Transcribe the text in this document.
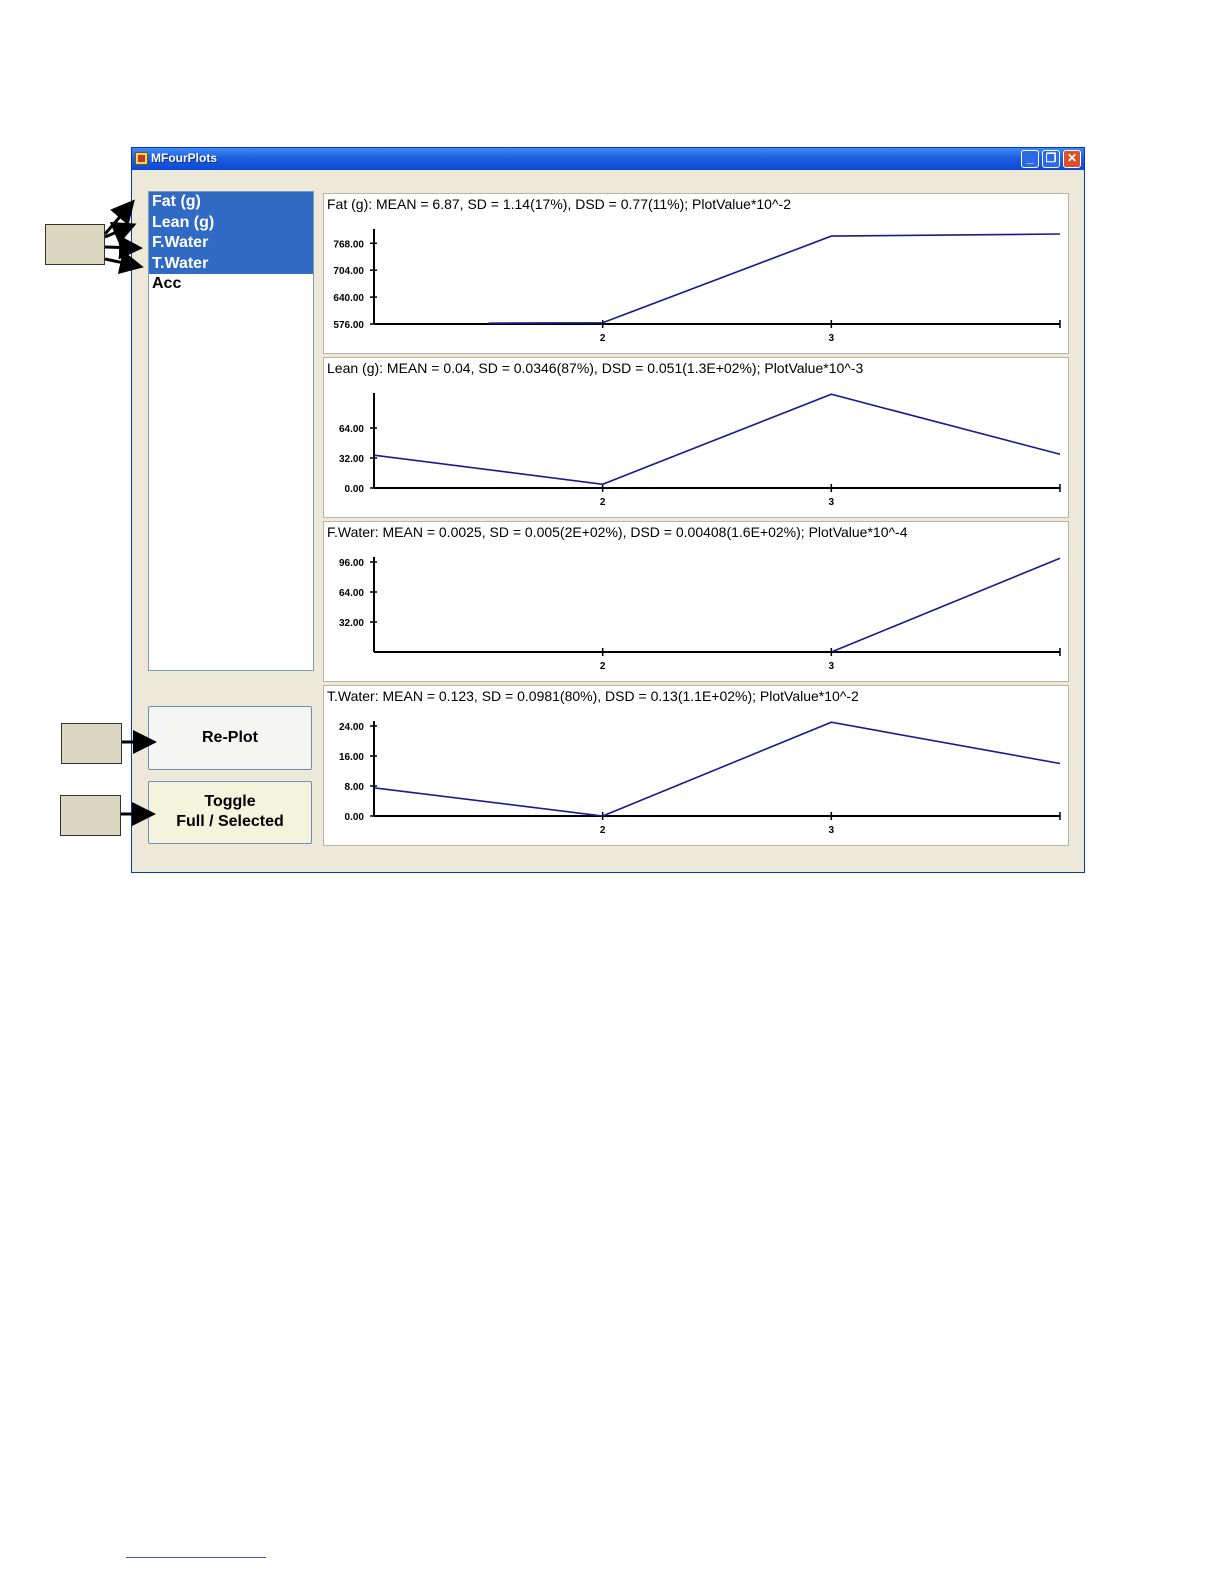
MFourPlots	_	❐ ✕
Fat (g)
Lean (g)
F.Water
T.Water
Acc
Re-Plot
Toggle
Full / Selected
Fat (g): MEAN = 6.87, SD = 1.14(17%), DSD = 0.77(11%); PlotValue*10^-2
576.00
640.00
704.00
768.00
2	3
Lean (g): MEAN = 0.04, SD = 0.0346(87%), DSD = 0.051(1.3E+02%); PlotValue*10^-3
0.00
32.00
64.00
2	3
F.Water: MEAN = 0.0025, SD = 0.005(2E+02%), DSD = 0.00408(1.6E+02%); PlotValue*10^-4
32.00
64.00
96.00
2	3
T.Water: MEAN = 0.123, SD = 0.0981(80%), DSD = 0.13(1.1E+02%); PlotValue*10^-2
0.00
8.00
16.00
24.00
2	3
